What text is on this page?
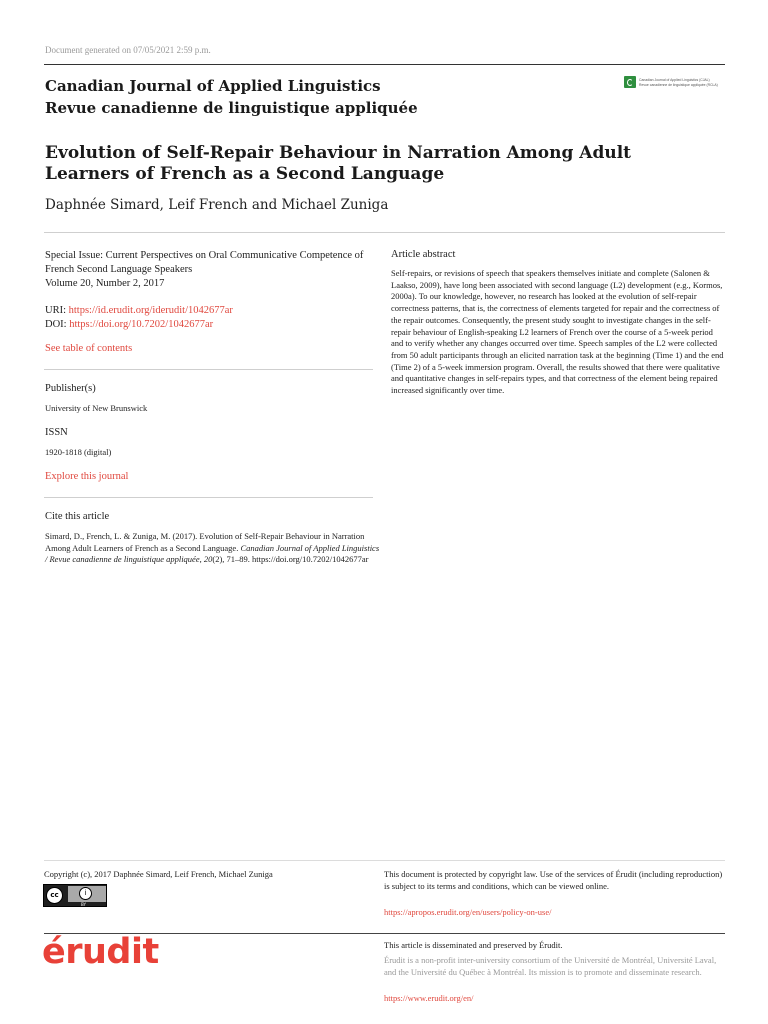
Document generated on 07/05/2021 2:59 p.m.
Canadian Journal of Applied Linguistics
Revue canadienne de linguistique appliquée
Canadian Journal of Applied Linguistics (CJAL)
Revue canadienne de linguistique appliquée (RCLA)
Evolution of Self-Repair Behaviour in Narration Among Adult Learners of French as a Second Language
Daphnée Simard, Leif French and Michael Zuniga
Special Issue: Current Perspectives on Oral Communicative Competence of French Second Language Speakers
Volume 20, Number 2, 2017
URI: https://id.erudit.org/iderudit/1042677ar
DOI: https://doi.org/10.7202/1042677ar
See table of contents
Publisher(s)
University of New Brunswick
ISSN
1920-1818 (digital)
Explore this journal
Cite this article
Simard, D., French, L. & Zuniga, M. (2017). Evolution of Self-Repair Behaviour in Narration Among Adult Learners of French as a Second Language. Canadian Journal of Applied Linguistics / Revue canadienne de linguistique appliquée, 20(2), 71–89. https://doi.org/10.7202/1042677ar
Article abstract
Self-repairs, or revisions of speech that speakers themselves initiate and complete (Salonen & Laakso, 2009), have long been associated with second language (L2) development (e.g., Kormos, 2000a). To our knowledge, however, no research has looked at the evolution of self-repair correctness patterns, that is, the correctness of elements targeted for repair and the correctness of the repair outcomes. Consequently, the present study sought to investigate changes in the self-repair behaviour of English-speaking L2 learners of French over the course of a 5-week period and to verify whether any changes occurred over time. Speech samples of the L2 were collected from 50 adult participants through an elicited narration task at the beginning (Time 1) and the end (Time 2) of a 5-week immersion program. Overall, the results showed that there were qualitative and quantitative changes in self-repairs types, and that correctness of the element being repaired increased significantly over time.
Copyright (c), 2017 Daphnée Simard, Leif French, Michael Zuniga
cc	i
BY
This document is protected by copyright law. Use of the services of Érudit (including reproduction) is subject to its terms and conditions, which can be viewed online.
https://apropos.erudit.org/en/users/policy-on-use/
érudit	This article is disseminated and preserved by Érudit.
Érudit is a non-profit inter-university consortium of the Université de Montréal, Université Laval, and the Université du Québec à Montréal. Its mission is to promote and disseminate research.
https://www.erudit.org/en/
